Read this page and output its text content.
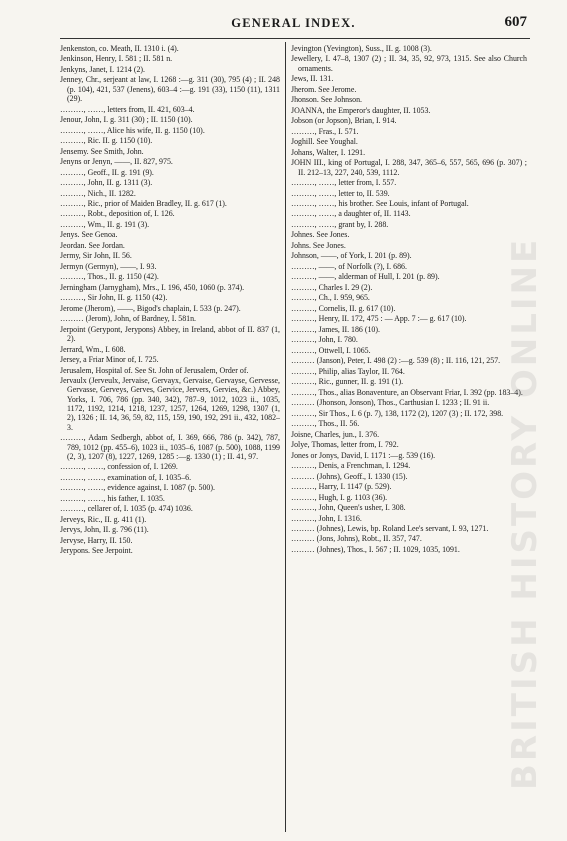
GENERAL INDEX.	607

Jenkenston, co. Meath, II. 1310 i. (4).

Jenkinson, Henry, I. 581 ; II. 581 n.

Jenkyns, Janet, I. 1214 (2).

Jenney, Chr., serjeant at law, I. 1268 :—g. 311 (30), 795 (4) ; II. 248 (p. 104), 421, 537 (Jenens), 603–4 :—g. 191 (33), 1150 (11), 1311 (29).

………, ……, letters from, II. 421, 603–4.

Jenour, John, I. g. 311 (30) ; II. 1150 (10).

………, ……, Alice his wife, II. g. 1150 (10).

………, Ric. II. g. 1150 (10).

Jensemy. See Smith, John.

Jenyns or Jenyn, ——, II. 827, 975.

………, Geoff., II. g. 191 (9).

………, John, II. g. 1311 (3).

………, Nich., II. 1282.

………, Ric., prior of Maiden Bradley, II. g. 617 (1).

………, Robt., deposition of, I. 126.

………, Wm., II. g. 191 (3).

Jenys. See Genoa.

Jeordan. See Jordan.

Jermy, Sir John, II. 56.

Jermyn (Germyn), ——, I. 93.

………, Thos., II. g. 1150 (42).

Jerningham (Jarnygham), Mrs., I. 196, 450, 1060 (p. 374).

………, Sir John, II. g. 1150 (42).

Jerome (Jherom), ——, Bigod's chaplain, I. 533 (p. 247).

……… (Jerom), John, of Bardney, I. 581n.

Jerpoint (Gerypont, Jerypons) Abbey, in Ireland, abbot of II. 837 (1, 2).

Jerrard, Wm., I. 608.

Jersey, a Friar Minor of, I. 725.

Jerusalem, Hospital of. See St. John of Jerusalem, Order of.

Jervaulx (Jerveulx, Jervaise, Gervayx, Gervaise, Gervayse, Gervesse, Gervasse, Gerveys, Gerves, Gervice, Jervers, Gervies, &c.) Abbey, Yorks, I. 706, 786 (pp. 340, 342), 787–9, 1012, 1023 ii., 1035, 1172, 1192, 1214, 1218, 1237, 1257, 1264, 1269, 1298, 1307 (1, 2), 1326 ; II. 14, 36, 59, 82, 115, 159, 190, 192, 291 ii., 432, 1082–3.

………, Adam Sedbergh, abbot of, I. 369, 666, 786 (p. 342), 787, 789, 1012 (pp. 455–6), 1023 ii., 1035–6, 1087 (p. 500), 1088, 1199 (2, 3), 1207 (8), 1227, 1269, 1285 :—g. 1330 (1) ; II. 41, 97.

………, ……, confession of, I. 1269.

………, ……, examination of, I. 1035–6.

………, ……, evidence against, I. 1087 (p. 500).

………, ……, his father, I. 1035.

………, cellarer of, I. 1035 (p. 474) 1036.

Jerveys, Ric., II. g. 411 (1).

Jervys, John, II. g. 796 (11).

Jervyse, Harry, II. 150.

Jerypons. See Jerpoint.

Jevington (Yevington), Suss., II. g. 1008 (3).

Jewellery, I. 47–8, 1307 (2) ; II. 34, 35, 92, 973, 1315. See also Church ornaments.

Jews, II. 131.

Jherom. See Jerome.

Jhonson. See Johnson.

JOANNA, the Emperor's daughter, II. 1053.

Jobson (or Jopson), Brian, I. 914.

………, Fras., I. 571.

Joghill. See Youghal.

Johans, Walter, I. 1291.

JOHN III., king of Portugal, I. 288, 347, 365–6, 557, 565, 696 (p. 307) ; II. 212–13, 227, 240, 539, 1112.

………, ……, letter from, I. 557.

………, ……, letter to, II. 539.

………, ……, his brother. See Louis, infant of Portugal.

………, ……, a daughter of, II. 1143.

………, ……, grant by, I. 288.

Johnes. See Jones.

Johns. See Jones.

Johnson, ——, of York, I. 201 (p. 89).

………, ——, of Norfolk (?), I. 686.

………, ——, alderman of Hull, I. 201 (p. 89).

………, Charles I. 29 (2).

………, Ch., I. 959, 965.

………, Cornelis, II. g. 617 (10).

………, Henry, II. 172, 475 : — App. 7 :— g. 617 (10).

………, James, II. 186 (10).

………, John, I. 780.

………, Ottwell, I. 1065.

……… (Janson), Peter, I. 498 (2) :—g. 539 (8) ; II. 116, 121, 257.

………, Philip, alias Taylor, II. 764.

………, Ric., gunner, II. g. 191 (1).

………, Thos., alias Bonaventure, an Observant Friar, I. 392 (pp. 183–4).

……… (Jhonson, Jonson), Thos., Carthusian I. 1233 ; II. 91 ii.

………, Sir Thos., I. 6 (p. 7), 138, 1172 (2), 1207 (3) ; II. 172, 398.

………, Thos., II. 56.

Joisne, Charles, jun., I. 376.

Jolye, Thomas, letter from, I. 792.

Jones or Jonys, David, I. 1171 :—g. 539 (16).

………, Denis, a Frenchman, I. 1294.

……… (Johns), Geoff., I. 1330 (15).

………, Harry, I. 1147 (p. 529).

………, Hugh, I. g. 1103 (36).

………, John, Queen's usher, I. 308.

………, John, I. 1316.

……… (Johnes), Lewis, bp. Roland Lee's servant, I. 93, 1271.

……… (Jons, Johns), Robt., II. 357, 747.

……… (Johnes), Thos., I. 567 ; II. 1029, 1035, 1091.	BRITISH HISTORY ONLINE
